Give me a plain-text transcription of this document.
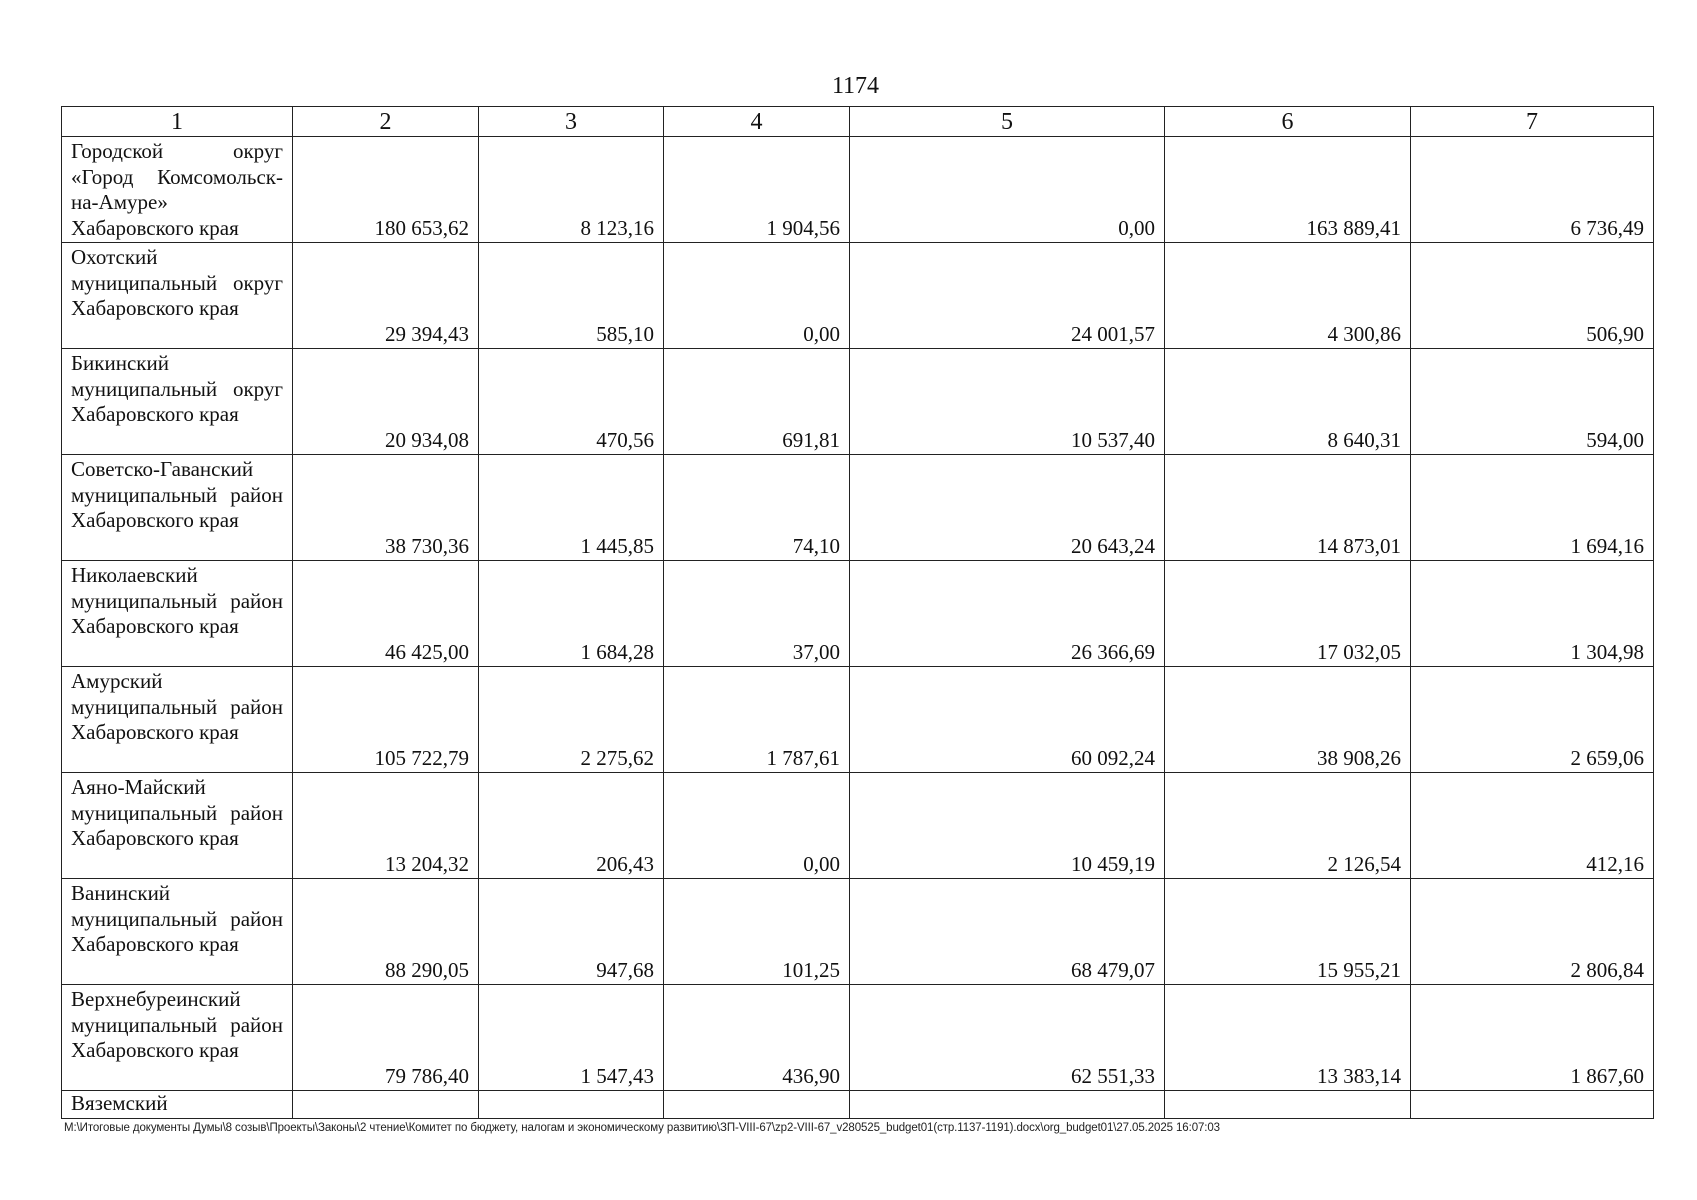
1174
1	2	3	4	5	6	7

Городской округ «Город Комсомольск-на-Амуре» Хабаровского края	180 653,62	8 123,16	1 904,56	0,00	163 889,41	6 736,49

Охотский муниципальный округ Хабаровского края	29 394,43	585,10	0,00	24 001,57	4 300,86	506,90

Бикинский муниципальный округ Хабаровского края	20 934,08	470,56	691,81	10 537,40	8 640,31	594,00

Советско-Гаванский муниципальный район Хабаровского края	38 730,36	1 445,85	74,10	20 643,24	14 873,01	1 694,16

Николаевский муниципальный район Хабаровского края	46 425,00	1 684,28	37,00	26 366,69	17 032,05	1 304,98

Амурский муниципальный район Хабаровского края	105 722,79	2 275,62	1 787,61	60 092,24	38 908,26	2 659,06

Аяно-Майский муниципальный район Хабаровского края	13 204,32	206,43	0,00	10 459,19	2 126,54	412,16

Ванинский муниципальный район Хабаровского края	88 290,05	947,68	101,25	68 479,07	15 955,21	2 806,84

Верхнебуреинский муниципальный район Хабаровского края	79 786,40	1 547,43	436,90	62 551,33	13 383,14	1 867,60
Вяземский						
M:\Итоговые документы Думы\8 созыв\Проекты\Законы\2 чтение\Комитет по бюджету, налогам и экономическому развитию\ЗП-VIII-67\zp2-VIII-67_v280525_budget01(стр.1137-1191).docx\org_budget01\27.05.2025 16:07:03
